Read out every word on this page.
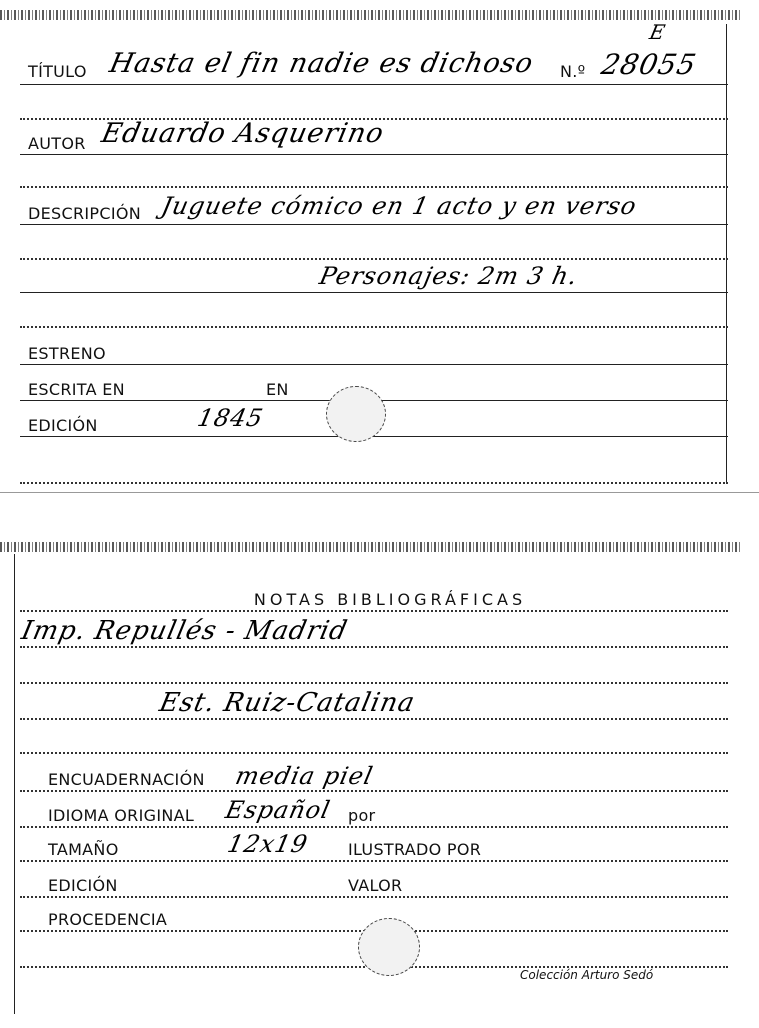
TÍTULO Hasta el fin nadie es dichoso N.º 28055
E
AUTOR Eduardo Asquerino
DESCRIPCIÓN Juguete cómico en 1 acto y en verso
Personajes: 2m 3 h.
ESTRENO
ESCRITA EN	EN
EDICIÓN	1845
NOTAS BIBLIOGRÁFICAS
Imp. Repullés - Madrid
Est. Ruiz-Catalina
ENCUADERNACIÓN media piel
IDIOMA ORIGINAL Español por
TAMAÑO	12x19 ILUSTRADO POR
EDICIÓN	VALOR
PROCEDENCIA
Colección Arturo Sedó
